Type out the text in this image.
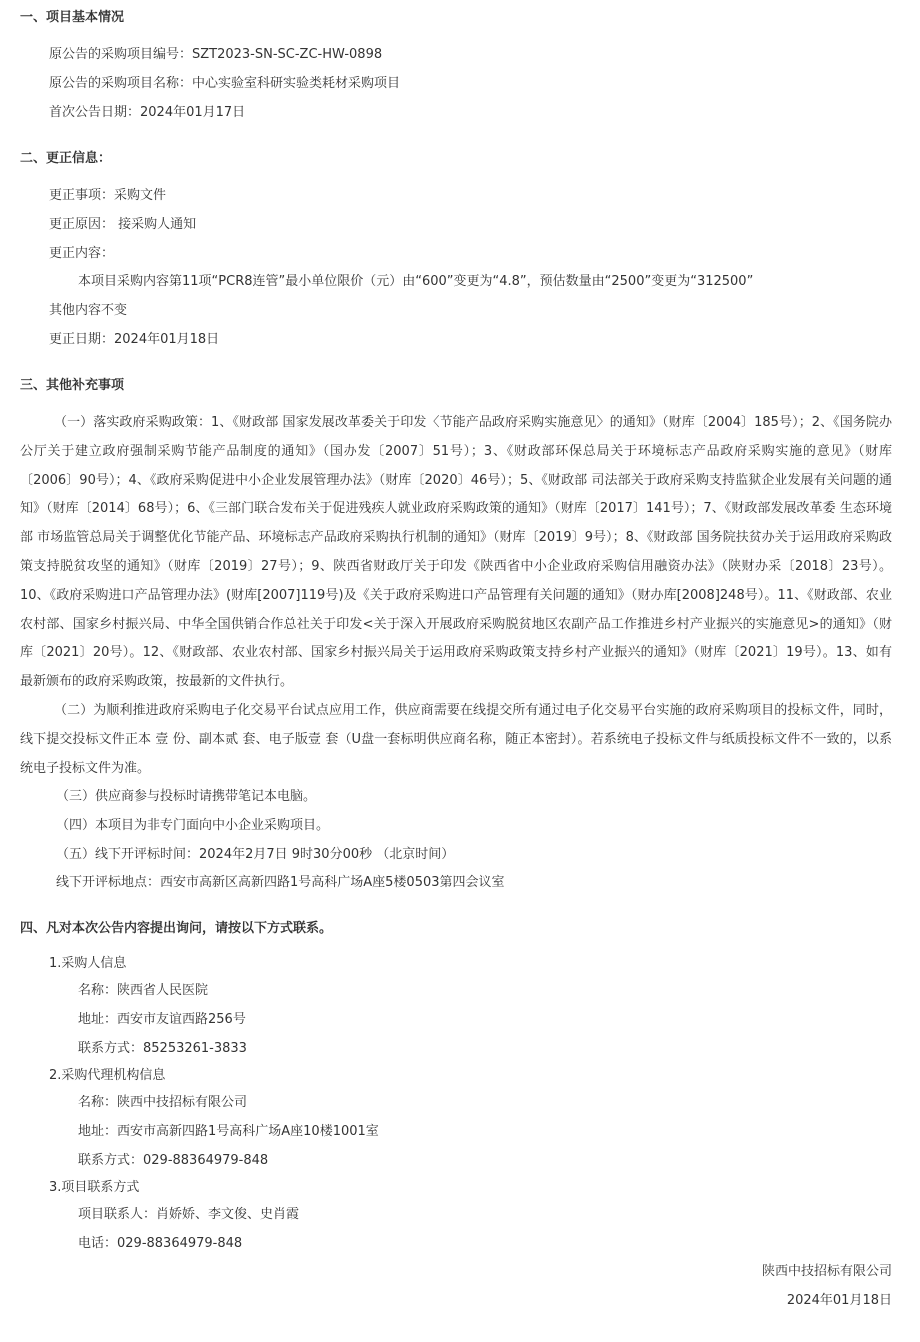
一、项目基本情况
原公告的采购项目编号：SZT2023-SN-SC-ZC-HW-0898
原公告的采购项目名称：中心实验室科研实验类耗材采购项目
首次公告日期：2024年01月17日
二、更正信息：
更正事项：采购文件
更正原因： 接采购人通知
更正内容：
本项目采购内容第11项“PCR8连管”最小单位限价（元）由“600”变更为“4.8”，预估数量由“2500”变更为“312500”
其他内容不变
更正日期：2024年01月18日
三、其他补充事项
（一）落实政府采购政策：1、《财政部 国家发展改革委关于印发〈节能产品政府采购实施意见〉的通知》（财库〔2004〕185号）；2、《国务院办公厅关于建立政府强制采购节能产品制度的通知》（国办发〔2007〕51号）；3、《财政部环保总局关于环境标志产品政府采购实施的意见》（财库〔2006〕90号）；4、《政府采购促进中小企业发展管理办法》（财库〔2020〕46号）；5、《财政部 司法部关于政府采购支持监狱企业发展有关问题的通知》（财库〔2014〕68号）；6、《三部门联合发布关于促进残疾人就业政府采购政策的通知》（财库〔2017〕141号）；7、《财政部发展改革委 生态环境部 市场监管总局关于调整优化节能产品、环境标志产品政府采购执行机制的通知》（财库〔2019〕9号）；8、《财政部 国务院扶贫办关于运用政府采购政策支持脱贫攻坚的通知》（财库〔2019〕27号）；9、陕西省财政厅关于印发《陕西省中小企业政府采购信用融资办法》（陕财办采〔2018〕23号）。10、《政府采购进口产品管理办法》(财库[2007]119号)及《关于政府采购进口产品管理有关问题的通知》（财办库[2008]248号）。11、《财政部、农业农村部、国家乡村振兴局、中华全国供销合作总社关于印发<关于深入开展政府采购脱贫地区农副产品工作推进乡村产业振兴的实施意见>的通知》（财库〔2021〕20号）。12、《财政部、农业农村部、国家乡村振兴局关于运用政府采购政策支持乡村产业振兴的通知》（财库〔2021〕19号）。13、如有最新颁布的政府采购政策，按最新的文件执行。
（二）为顺利推进政府采购电子化交易平台试点应用工作，供应商需要在线提交所有通过电子化交易平台实施的政府采购项目的投标文件，同时，线下提交投标文件正本 壹 份、副本贰 套、电子版壹 套（U盘一套标明供应商名称，随正本密封）。若系统电子投标文件与纸质投标文件不一致的，以系统电子投标文件为准。
（三）供应商参与投标时请携带笔记本电脑。
（四）本项目为非专门面向中小企业采购项目。
（五）线下开评标时间：2024年2月7日 9时30分00秒 （北京时间）
线下开评标地点：西安市高新区高新四路1号高科广场A座5楼0503第四会议室
四、凡对本次公告内容提出询问，请按以下方式联系。
1.采购人信息
名称：陕西省人民医院
地址：西安市友谊西路256号
联系方式：85253261-3833
2.采购代理机构信息
名称：陕西中技招标有限公司
地址：西安市高新四路1号高科广场A座10楼1001室
联系方式：029-88364979-848
3.项目联系方式
项目联系人：肖娇娇、李文俊、史肖霞
电话：029-88364979-848
陕西中技招标有限公司
2024年01月18日
